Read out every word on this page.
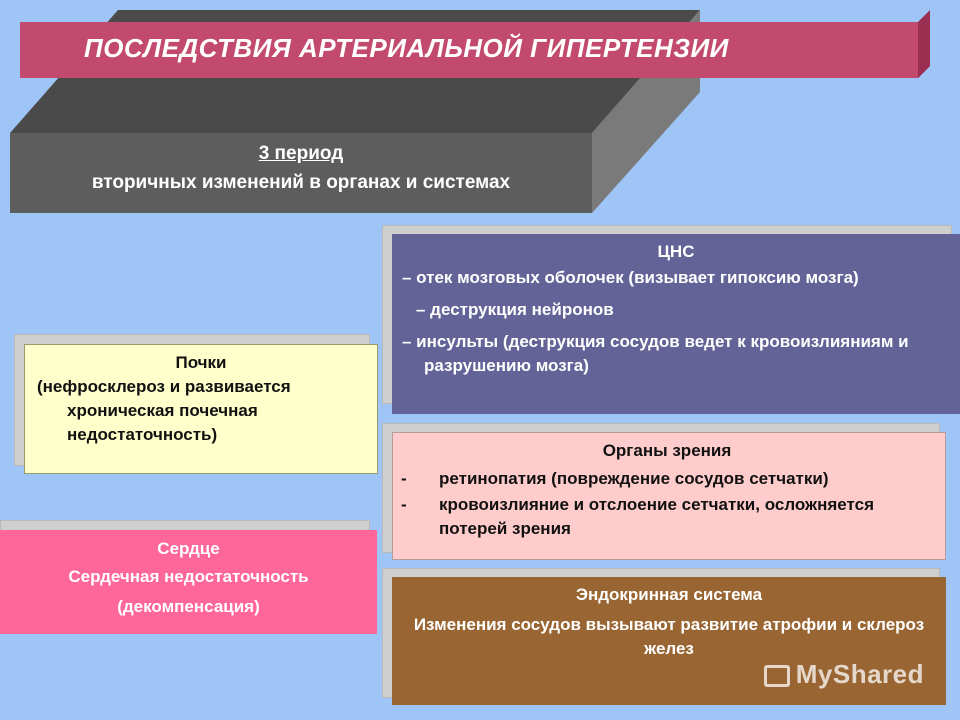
ПОСЛЕДСТВИЯ АРТЕРИАЛЬНОЙ ГИПЕРТЕНЗИИ
3 период
вторичных изменений в органах и системах
ЦНС
– отек мозговых оболочек (визывает гипоксию мозга)
– деструкция нейронов
– инсульты (деструкция сосудов ведет к кровоизлияниям и разрушению мозга)
Почки
(нефросклероз и развивается хроническая почечная недостаточность)
Органы зрения
-	ретинопатия (повреждение сосудов сетчатки)
-	кровоизлияние и отслоение сетчатки, осложняется потерей зрения
Сердце
Сердечная недостаточность
(декомпенсация)
Эндокринная система
Изменения сосудов вызывают развитие атрофии и склероз желез
MyShared
